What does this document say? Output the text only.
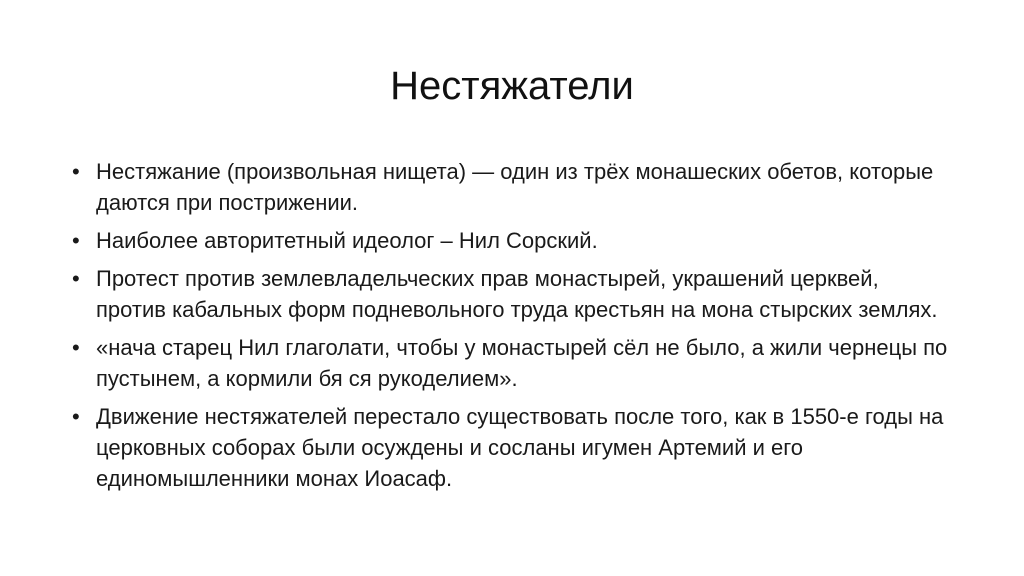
Нестяжатели
• Нестяжание (произвольная нищета) — один из трёх монашеских обетов, которые даются при пострижении.
• Наиболее авторитетный идеолог – Нил Сорский.
• Протест против землевладельческих прав монастырей, украшений церквей, против кабальных форм подневольного труда крестьян на мона стырских землях.
• «нача старец Нил глаголати, чтобы у монастырей сёл не было, а жили чернецы по пустынем, а кормили бя ся рукоделием».
• Движение нестяжателей перестало существовать после того, как в 1550-е годы на церковных соборах были осуждены и сосланы игумен Артемий и его единомышленники монах Иоасаф.
